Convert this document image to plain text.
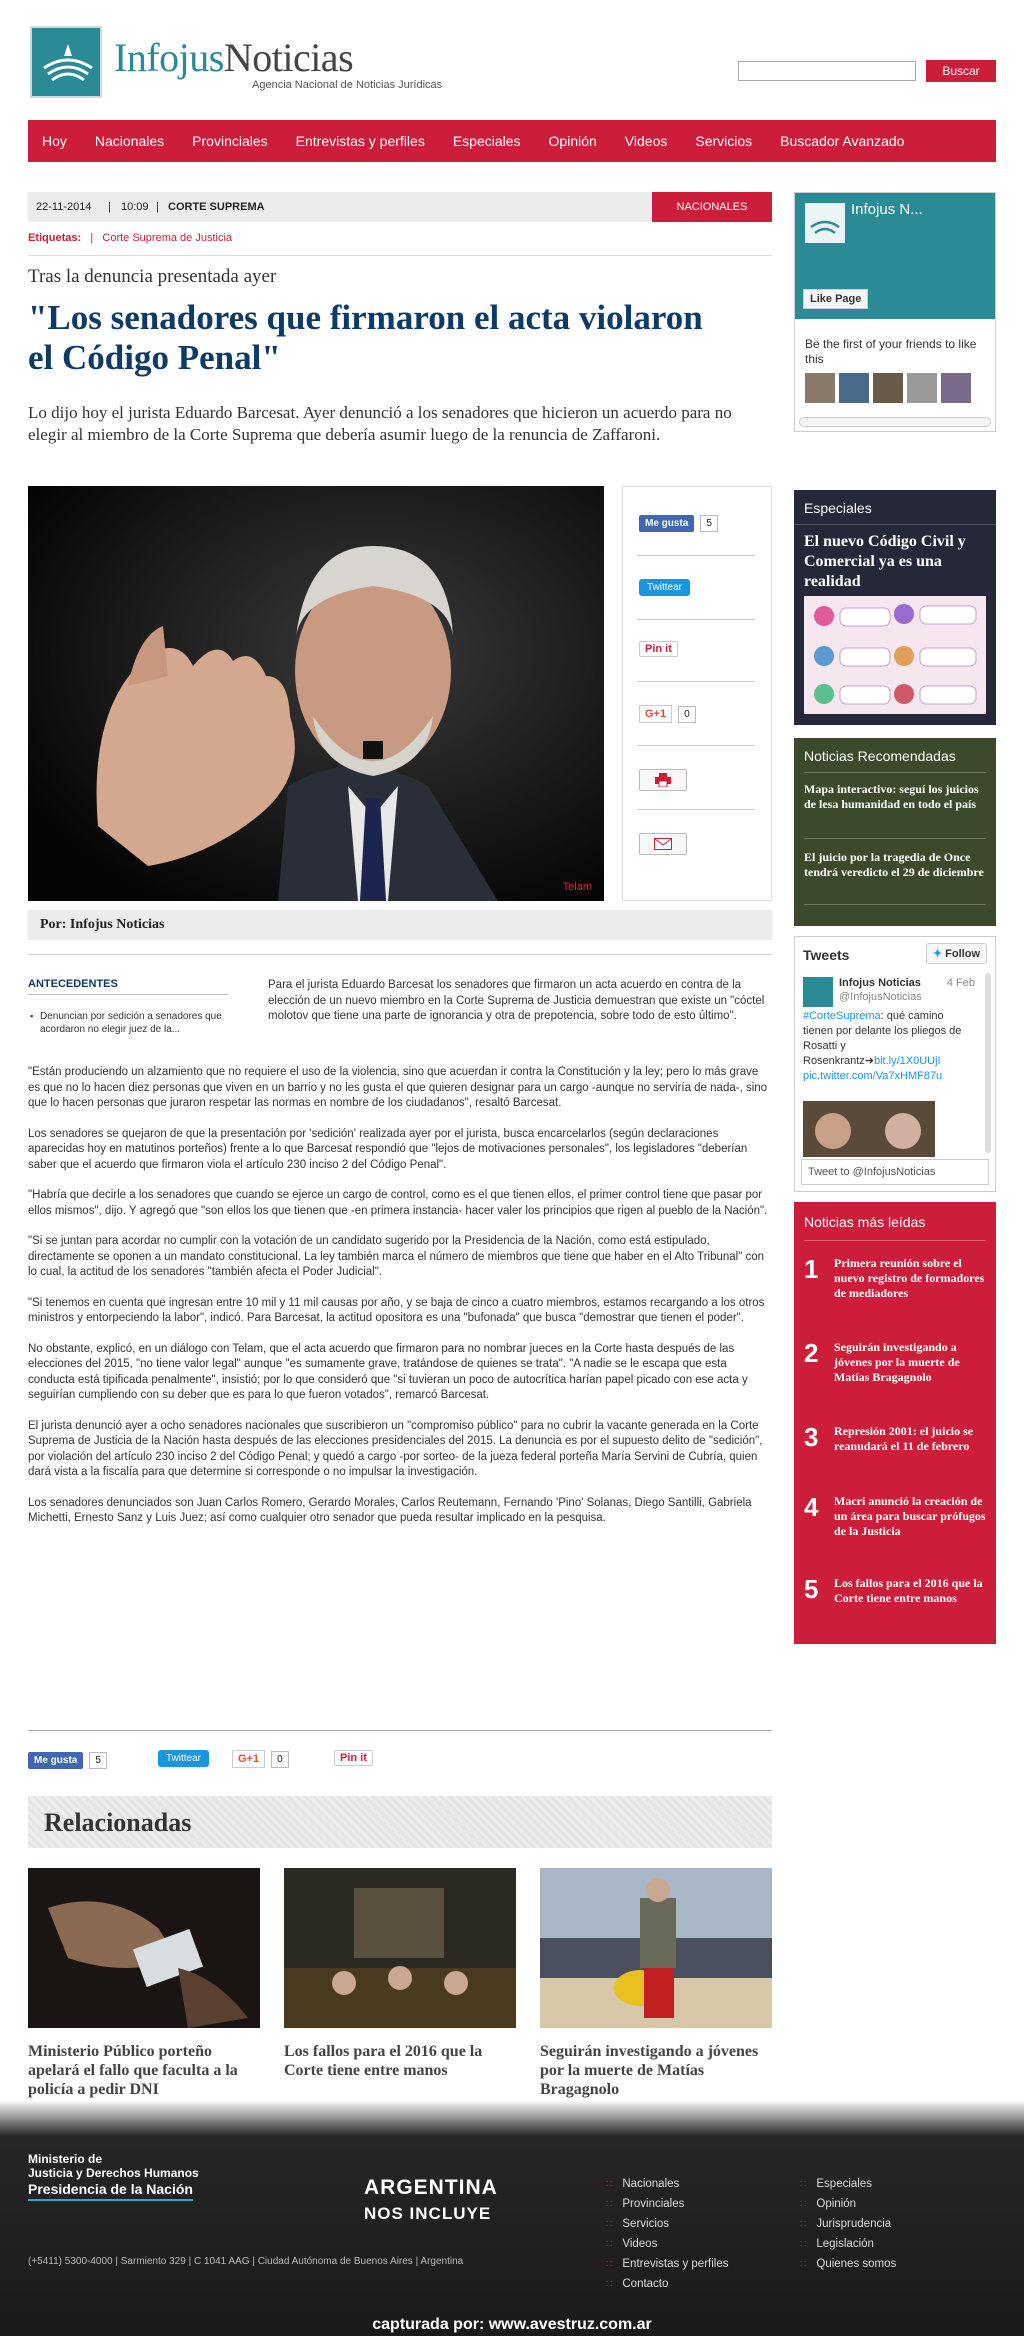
InfojusNoticias
Agencia Nacional de Noticias Jurídicas
Buscar
Hoy	Nacionales	Provinciales	Entrevistas y perfiles	Especiales	Opinión	Videos	Servicios	Buscador Avanzado
22-11-2014 | 10:09 | CORTE SUPREMA	NACIONALES
Etiquetas: | Corte Suprema de Justicia
Tras la denuncia presentada ayer
"Los senadores que firmaron el acta violaron el Código Penal"

Lo dijo hoy el jurista Eduardo Barcesat. Ayer denunció a los senadores que hicieron un acuerdo para no elegir al miembro de la Corte Suprema que debería asumir luego de la renuncia de Zaffaroni.

Telam
Me gusta	5
Twittear
Pin it
G+1	0
Por: Infojus Noticias
ANTECEDENTES
▪ Denuncian por sedición a senadores que acordaron no elegir juez de la...
Para el jurista Eduardo Barcesat los senadores que firmaron un acta acuerdo en contra de la elección de un nuevo miembro en la Corte Suprema de Justicia demuestran que existe un "cóctel molotov que tiene una parte de ignorancia y otra de prepotencia, sobre todo de esto último".

"Están produciendo un alzamiento que no requiere el uso de la violencia, sino que acuerdan ir contra la Constitución y la ley; pero lo más grave es que no lo hacen diez personas que viven en un barrio y no les gusta el que quieren designar para un cargo -aunque no serviría de nada-, sino que lo hacen personas que juraron respetar las normas en nombre de los ciudadanos", resaltó Barcesat.

Los senadores se quejaron de que la presentación por 'sedición' realizada ayer por el jurista, busca encarcelarlos (según declaraciones aparecidas hoy en matutinos porteños) frente a lo que Barcesat respondió que "lejos de motivaciones personales", los legisladores "deberían saber que el acuerdo que firmaron viola el artículo 230 inciso 2 del Código Penal".

"Habría que decirle a los senadores que cuando se ejerce un cargo de control, como es el que tienen ellos, el primer control tiene que pasar por ellos mismos", dijo. Y agregó que "son ellos los que tienen que -en primera instancia- hacer valer los principios que rigen al pueblo de la Nación".

"Si se juntan para acordar no cumplir con la votación de un candidato sugerido por la Presidencia de la Nación, como está estipulado, directamente se oponen a un mandato constitucional. La ley también marca el número de miembros que tiene que haber en el Alto Tribunal" con lo cual, la actitud de los senadores "también afecta el Poder Judicial".

"Si tenemos en cuenta que ingresan entre 10 mil y 11 mil causas por año, y se baja de cinco a cuatro miembros, estamos recargando a los otros ministros y entorpeciendo la labor", indicó. Para Barcesat, la actitud opositora es una "bufonada" que busca "demostrar que tienen el poder".

No obstante, explicó, en un diálogo con Telam, que el acta acuerdo que firmaron para no nombrar jueces en la Corte hasta después de las elecciones del 2015, "no tiene valor legal" aunque "es sumamente grave, tratándose de quienes se trata". "A nadie se le escapa que esta conducta está tipificada penalmente", insistió; por lo que consideró que "si tuvieran un poco de autocrítica harían papel picado con ese acta y seguirían cumpliendo con su deber que es para lo que fueron votados", remarcó Barcesat.

El jurista denunció ayer a ocho senadores nacionales que suscribieron un "compromiso público" para no cubrir la vacante generada en la Corte Suprema de Justicia de la Nación hasta después de las elecciones presidenciales del 2015. La denuncia es por el supuesto delito de "sedición", por violación del artículo 230 inciso 2 del Código Penal; y quedó a cargo -por sorteo- de la jueza federal porteña María Servini de Cubría, quien dará vista a la fiscalía para que determine si corresponde o no impulsar la investigación.

Los senadores denunciados son Juan Carlos Romero, Gerardo Morales, Carlos Reutemann, Fernando 'Pino' Solanas, Diego Santilli, Gabriela Michetti, Ernesto Sanz y Luis Juez; así como cualquier otro senador que pueda resultar implicado en la pesquisa.

Me gusta	5	Twittear	G+1	0	Pin it
Relacionadas
Ministerio Público porteño apelará el fallo que faculta a la policía a pedir DNI
Los fallos para el 2016 que la Corte tiene entre manos
Seguirán investigando a jóvenes por la muerte de Matías Bragagnolo
Infojus N...
Like Page
Be the first of your friends to like this
Especiales
El nuevo Código Civil y Comercial ya es una realidad
Noticias Recomendadas
Mapa interactivo: seguí los juicios de lesa humanidad en todo el país
El juicio por la tragedia de Once tendrá veredicto el 29 de diciembre
Tweets	✦ Follow
Infojus Noticias
@InfojusNoticias
4 Feb
#CorteSuprema: qué camino tienen por delante los pliegos de Rosatti y Rosenkrantz➜bit.ly/1X0UUjI
pic.twitter.com/Va7xHMF87u
Tweet to @InfojusNoticias
Noticias más leídas
1 Primera reunión sobre el nuevo registro de formadores de mediadores
2 Seguirán investigando a jóvenes por la muerte de Matías Bragagnolo
3 Represión 2001: el juicio se reanudará el 11 de febrero
4 Macri anunció la creación de un área para buscar prófugos de la Justicia
5 Los fallos para el 2016 que la Corte tiene entre manos
Ministerio de
Justicia y Derechos Humanos
Presidencia de la Nación	ARGENTINA
NOS INCLUYE
(+5411) 5300-4000 | Sarmiento 329 | C 1041 AAG | Ciudad Autónoma de Buenos Aires | Argentina
∷ Nacionales
∷ Provinciales
∷ Servicios
∷ Videos
∷ Entrevistas y perfiles
∷ Contacto
∷ Especiales
∷ Opinión
∷ Jurisprudencia
∷ Legislación
∷ Quienes somos
capturada por: www.avestruz.com.ar
